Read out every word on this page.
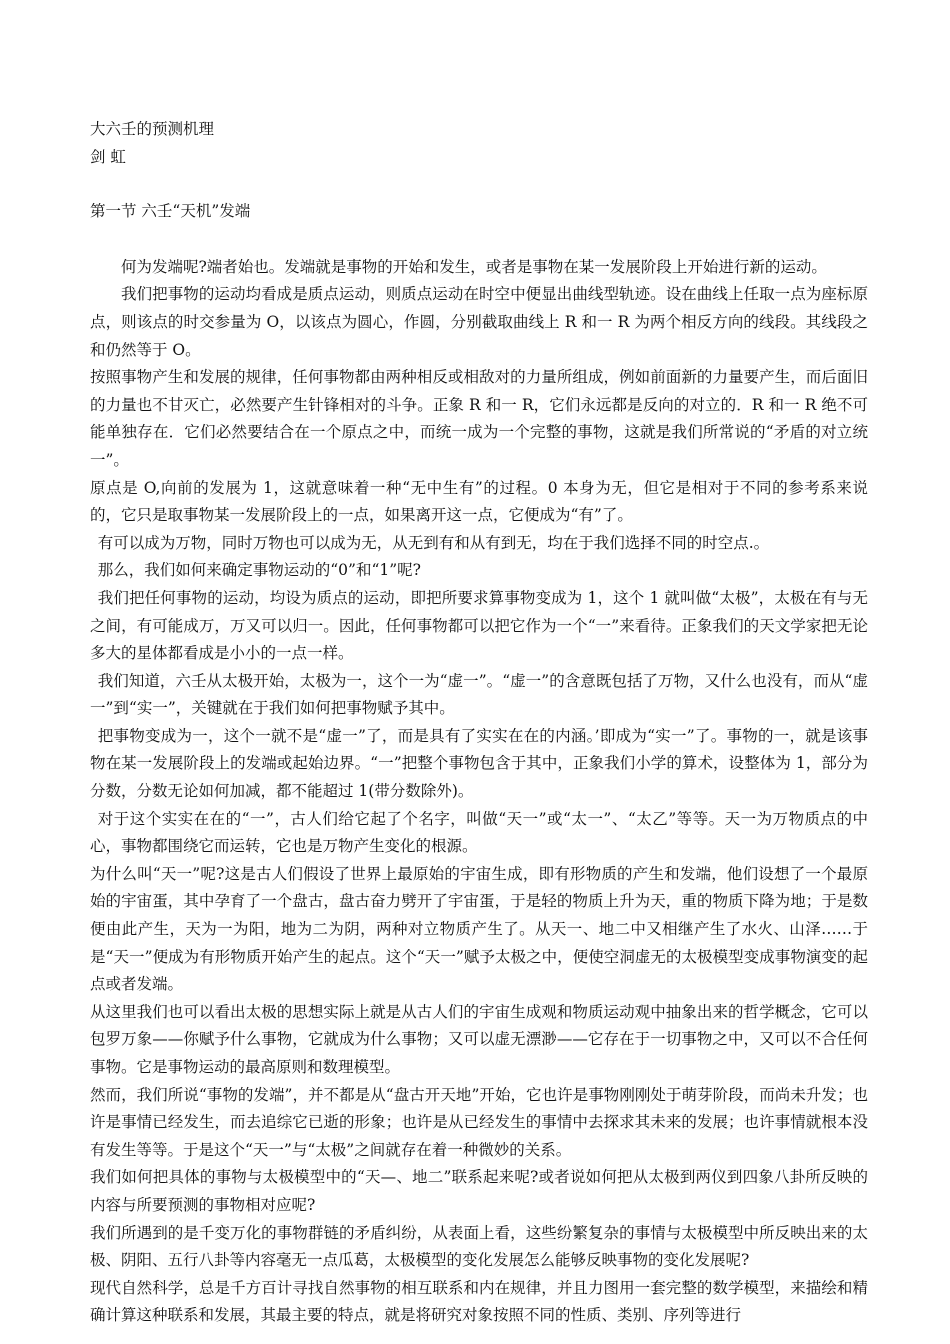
大六壬的预测机理
剑 虹
第一节 六壬“天机”发端

何为发端呢?端者始也。发端就是事物的开始和发生，或者是事物在某一发展阶段上开始进行新的运动。

我们把事物的运动均看成是质点运动，则质点运动在时空中便显出曲线型轨迹。设在曲线上任取一点为座标原点，则该点的时交参量为 O，以该点为圆心，作圆，分别截取曲线上 R 和一 R 为两个相反方向的线段。其线段之和仍然等于 O。

按照事物产生和发展的规律，任何事物都由两种相反或相敌对的力量所组成，例如前面新的力量要产生，而后面旧的力量也不甘灭亡，必然要产生针锋相对的斗争。正象 R 和一 R，它们永远都是反向的对立的．R 和一 R 绝不可能单独存在．它们必然要结合在一个原点之中，而统一成为一个完整的事物，这就是我们所常说的“矛盾的对立统一”。

原点是 O,向前的发展为 1，这就意味着一种“无中生有”的过程。0 本身为无，但它是相对于不同的参考系来说的，它只是取事物某一发展阶段上的一点，如果离开这一点，它便成为“有”了。

有可以成为万物，同时万物也可以成为无，从无到有和从有到无，均在于我们选择不同的时空点.。

那么，我们如何来确定事物运动的“0”和“1”呢?

我们把任何事物的运动，均设为质点的运动，即把所要求算事物变成为 1，这个 1 就叫做“太极”，太极在有与无之间，有可能成万，万又可以归一。因此，任何事物都可以把它作为一个“一”来看待。正象我们的天文学家把无论多大的星体都看成是小小的一点一样。

我们知道，六壬从太极开始，太极为一，这个一为“虚一”。“虚一”的含意既包括了万物，又什么也没有，而从“虚一”到“实一”，关键就在于我们如何把事物赋予其中。

把事物变成为一，这个一就不是“虚一”了，而是具有了实实在在的内涵。’即成为“实一”了。事物的一，就是该事物在某一发展阶段上的发端或起始边界。“一”把整个事物包含于其中，正象我们小学的算术，设整体为 1，部分为分数，分数无论如何加减，都不能超过 1(带分数除外)。

对于这个实实在在的“一”，古人们给它起了个名字，叫做“天一”或“太一”、“太乙”等等。天一为万物质点的中心，事物都围绕它而运转，它也是万物产生变化的根源。

为什么叫“天一”呢?这是古人们假设了世界上最原始的宇宙生成，即有形物质的产生和发端，他们设想了一个最原始的宇宙蛋，其中孕育了一个盘古，盘古奋力劈开了宇宙蛋，于是轻的物质上升为天，重的物质下降为地；于是数便由此产生，天为一为阳，地为二为阴，两种对立物质产生了。从天一、地二中又相继产生了水火、山泽……于是“天一”便成为有形物质开始产生的起点。这个“天一”赋予太极之中，便使空洞虚无的太极模型变成事物演变的起点或者发端。

从这里我们也可以看出太极的思想实际上就是从古人们的宇宙生成观和物质运动观中抽象出来的哲学概念，它可以包罗万象——你赋予什么事物，它就成为什么事物；又可以虚无漂渺——它存在于一切事物之中，又可以不合任何事物。它是事物运动的最高原则和数理模型。

然而，我们所说“事物的发端”，并不都是从“盘古开天地”开始，它也许是事物刚刚处于萌芽阶段，而尚未升发；也许是事情已经发生，而去追综它已逝的形象；也许是从已经发生的事情中去探求其未来的发展；也许事情就根本没有发生等等。于是这个“天一”与“太极”之间就存在着一种微妙的关系。

我们如何把具体的事物与太极模型中的“天—、地二”联系起来呢?或者说如何把从太极到两仪到四象八卦所反映的内容与所要预测的事物相对应呢?

我们所遇到的是千变万化的事物群链的矛盾纠纷，从表面上看，这些纷繁复杂的事情与太极模型中所反映出来的太极、阴阳、五行八卦等内容毫无一点瓜葛，太极模型的变化发展怎么能够反映事物的变化发展呢?

现代自然科学，总是千方百计寻找自然事物的相互联系和内在规律，并且力图用一套完整的数学模型，来描绘和精确计算这种联系和发展，其最主要的特点，就是将研究对象按照不同的性质、类别、序列等进行
